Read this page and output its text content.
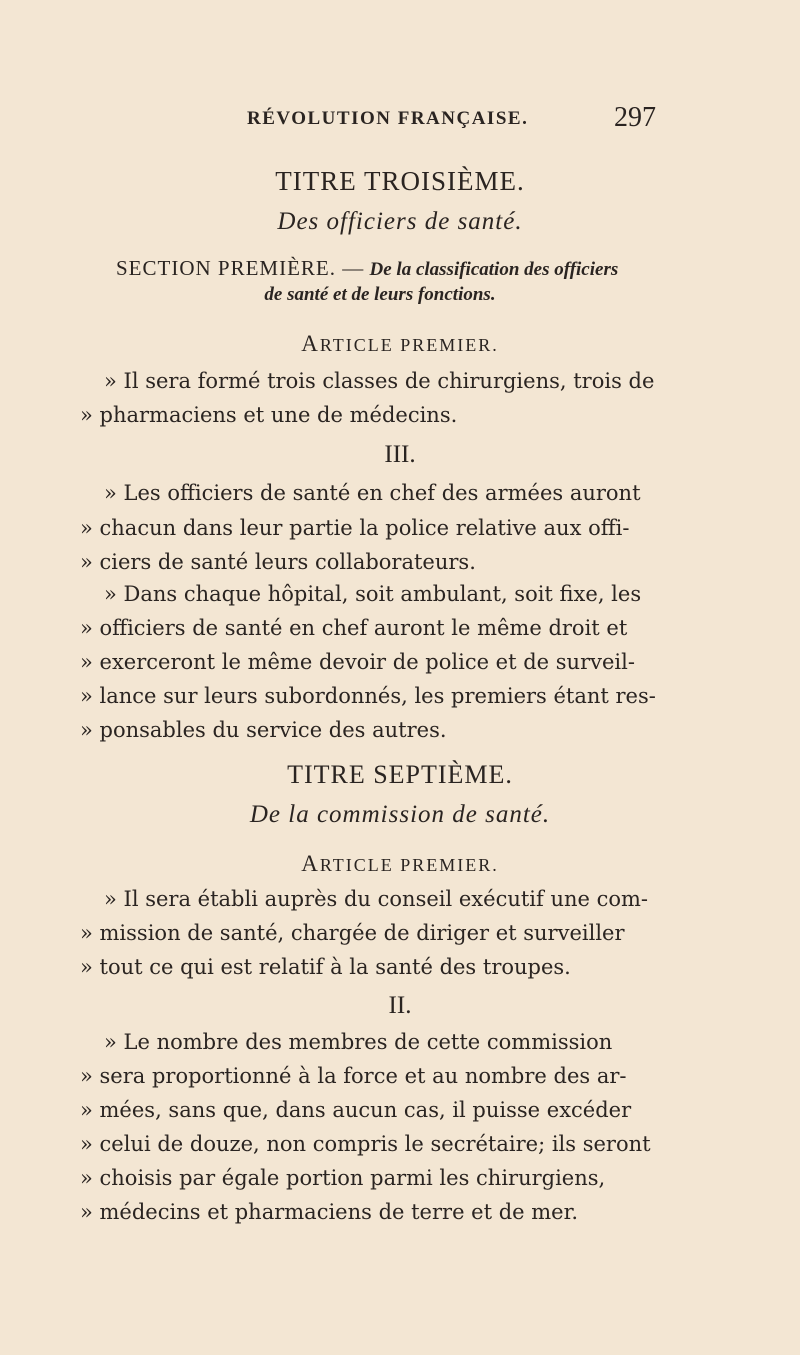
RÉVOLUTION FRANÇAISE.	297
TITRE TROISIÈME.
Des officiers de santé.
SECTION PREMIÈRE. — De la classification des officiers
de santé et de leurs fonctions.
ARTICLE PREMIER.
» Il sera formé trois classes de chirurgiens, trois de
» pharmaciens et une de médecins.
III.
» Les officiers de santé en chef des armées auront
» chacun dans leur partie la police relative aux offi-
» ciers de santé leurs collaborateurs.
» Dans chaque hôpital, soit ambulant, soit fixe, les
» officiers de santé en chef auront le même droit et
» exerceront le même devoir de police et de surveil-
» lance sur leurs subordonnés, les premiers étant res-
» ponsables du service des autres.
TITRE SEPTIÈME.
De la commission de santé.
ARTICLE PREMIER.
» Il sera établi auprès du conseil exécutif une com-
» mission de santé, chargée de diriger et surveiller
» tout ce qui est relatif à la santé des troupes.
II.
» Le nombre des membres de cette commission
» sera proportionné à la force et au nombre des ar-
» mées, sans que, dans aucun cas, il puisse excéder
» celui de douze, non compris le secrétaire; ils seront
» choisis par égale portion parmi les chirurgiens,
» médecins et pharmaciens de terre et de mer.
